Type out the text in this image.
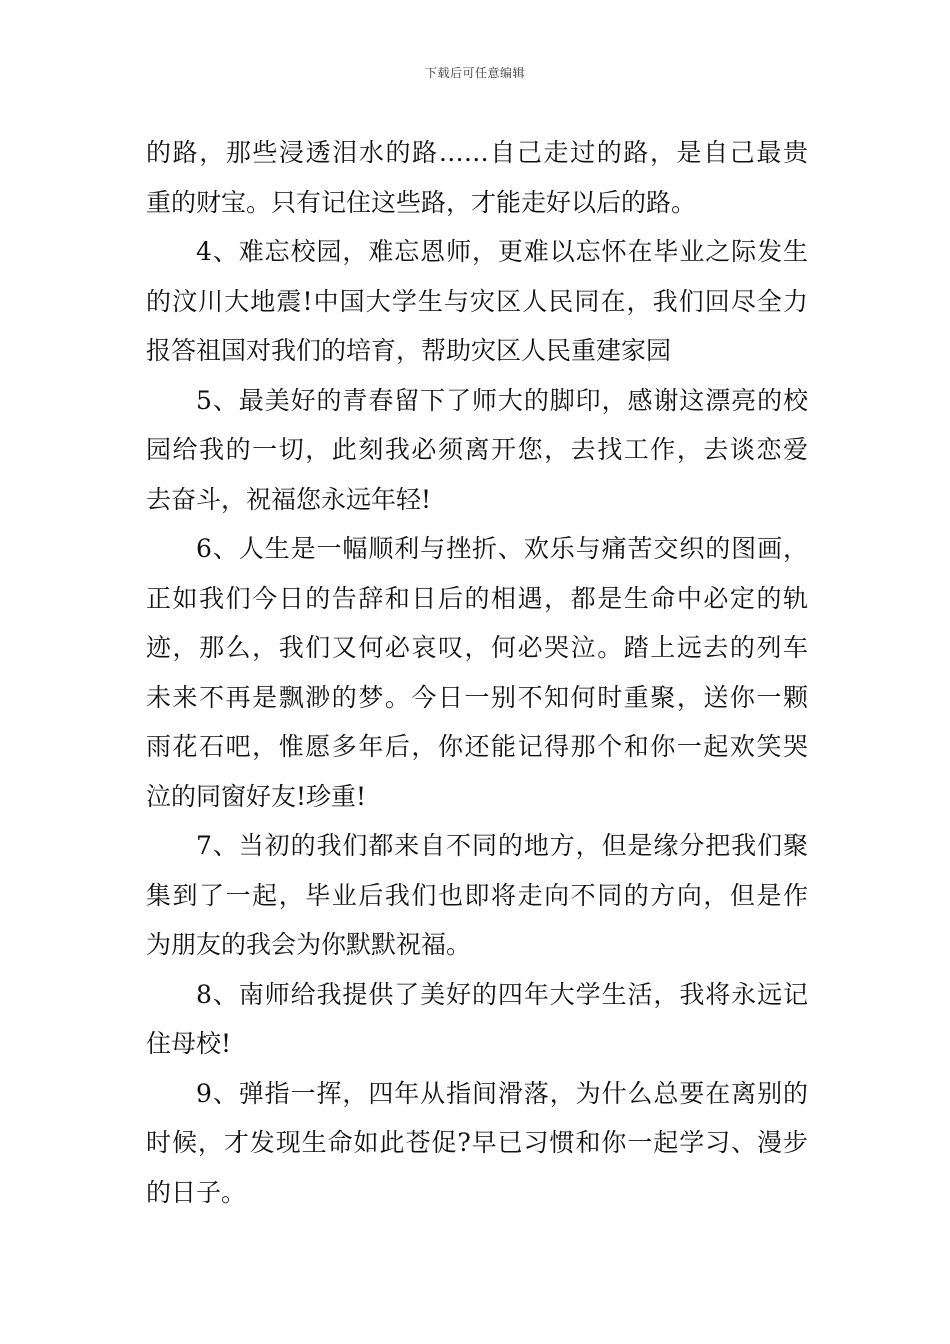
下载后可任意编辑
的路，那些浸透泪水的路……自己走过的路，是自己最贵
重的财宝。只有记住这些路，才能走好以后的路。
4、难忘校园，难忘恩师，更难以忘怀在毕业之际发生
的汶川大地震!中国大学生与灾区人民同在，我们回尽全力
报答祖国对我们的培育，帮助灾区人民重建家园
5、最美好的青春留下了师大的脚印，感谢这漂亮的校
园给我的一切，此刻我必须离开您，去找工作，去谈恋爱
去奋斗，祝福您永远年轻!
6、人生是一幅顺利与挫折、欢乐与痛苦交织的图画，
正如我们今日的告辞和日后的相遇，都是生命中必定的轨
迹，那么，我们又何必哀叹，何必哭泣。踏上远去的列车
未来不再是飘渺的梦。今日一别不知何时重聚，送你一颗
雨花石吧，惟愿多年后，你还能记得那个和你一起欢笑哭
泣的同窗好友!珍重!
7、当初的我们都来自不同的地方，但是缘分把我们聚
集到了一起，毕业后我们也即将走向不同的方向，但是作
为朋友的我会为你默默祝福。
8、南师给我提供了美好的四年大学生活，我将永远记
住母校!
9、弹指一挥，四年从指间滑落，为什么总要在离别的
时候，才发现生命如此苍促?早已习惯和你一起学习、漫步
的日子。
